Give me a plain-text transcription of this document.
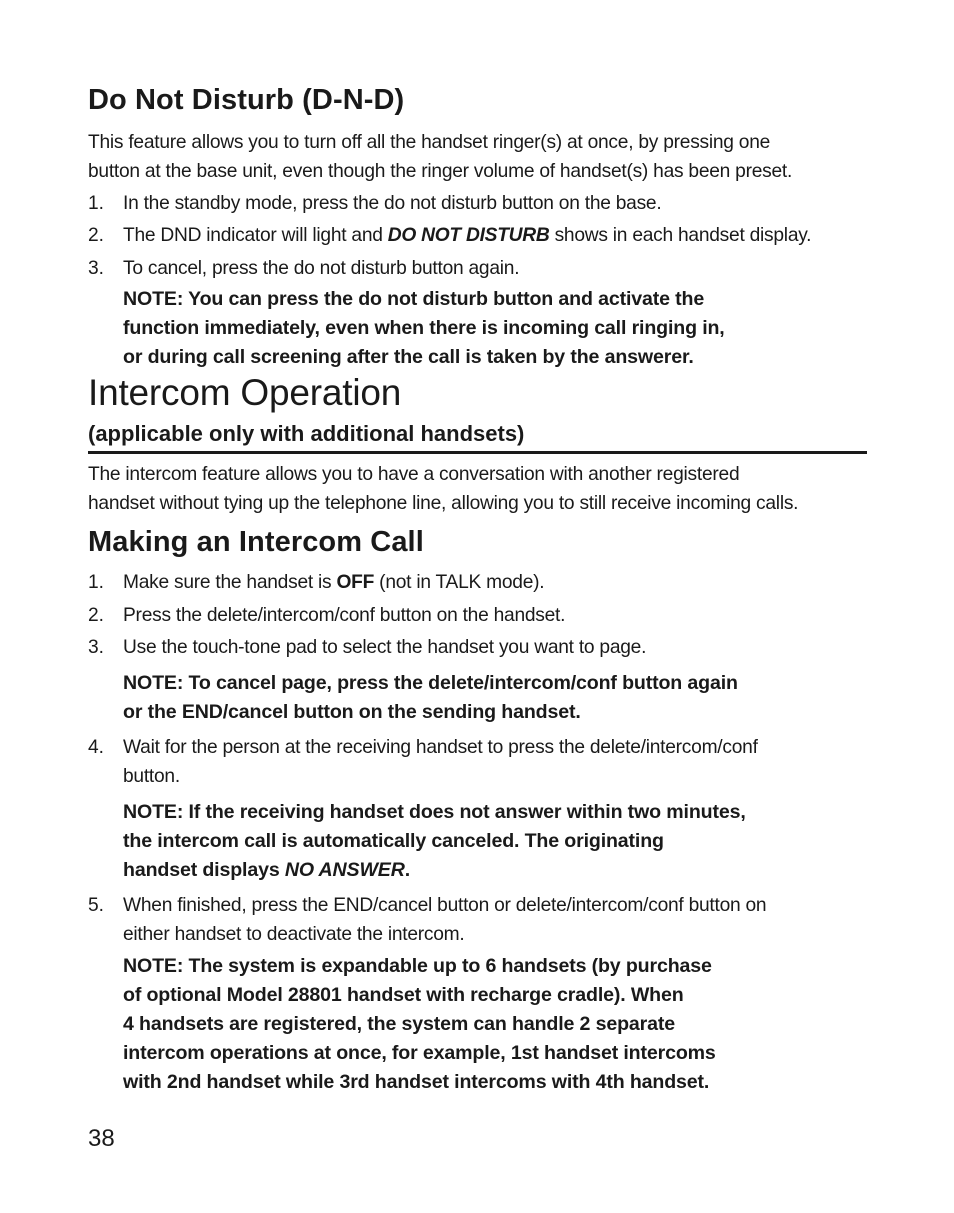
Do Not Disturb (D-N-D)
This feature allows you to turn off all the handset ringer(s) at once, by pressing one
button at the base unit, even though the ringer volume of handset(s) has been preset.
1. In the standby mode, press the do not disturb button on the base.
2. The DND indicator will light and DO NOT DISTURB shows in each handset display.
3. To cancel, press the do not disturb button again.
NOTE: You can press the do not disturb button and activate the
function immediately, even when there is incoming call ringing in,
or during call screening after the call is taken by the answerer.
Intercom Operation
(applicable only with additional handsets)
The intercom feature allows you to have a conversation with another registered
handset without tying up the telephone line, allowing you to still receive incoming calls.
Making an Intercom Call
1. Make sure the handset is OFF (not in TALK mode).
2. Press the delete/intercom/conf button on the handset.
3. Use the touch-tone pad to select the handset you want to page.
NOTE: To cancel page, press the delete/intercom/conf button again
or the END/cancel button on the sending handset.
4. Wait for the person at the receiving handset to press the delete/intercom/conf
button.
NOTE: If the receiving handset does not answer within two minutes,
the intercom call is automatically canceled. The originating
handset displays NO ANSWER.
5. When finished, press the END/cancel button or delete/intercom/conf button on
either handset to deactivate the intercom.
NOTE: The system is expandable up to 6 handsets (by purchase
of optional Model 28801 handset with recharge cradle). When
4 handsets are registered, the system can handle 2 separate
intercom operations at once, for example, 1st handset intercoms
with 2nd handset while 3rd handset intercoms with 4th handset.
38
